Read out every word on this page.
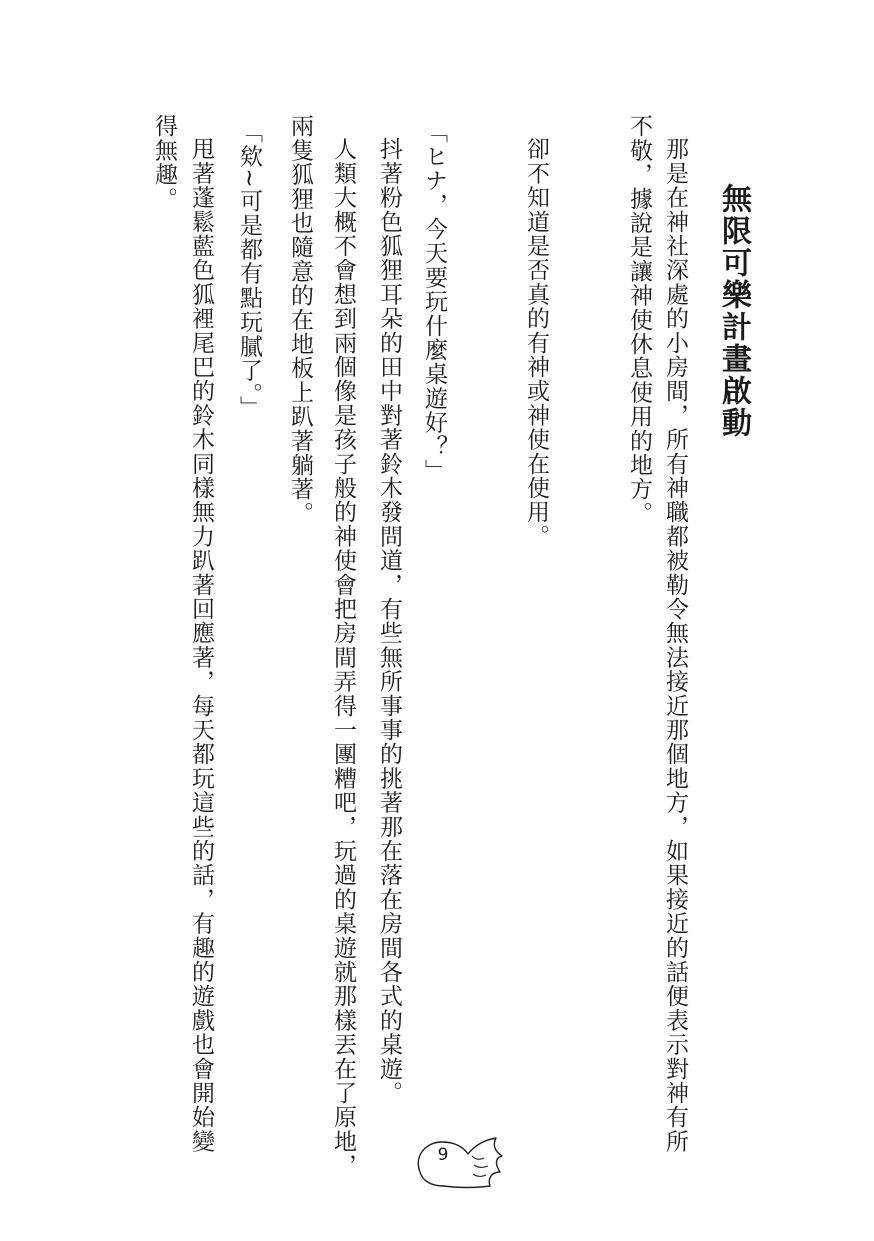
無限可樂計畫啟動
那是在神社深處的小房間，所有神職都被勒令無法接近那個地方，如果接近的話便表示對神有所
不敬，據說是讓神使休息使用的地方。
卻不知道是否真的有神或神使在使用。
「ヒナ，今天要玩什麼桌遊好？」
抖著粉色狐狸耳朵的田中對著鈴木發問道，有些無所事事的挑著那在落在房間各式的桌遊。
人類大概不會想到兩個像是孩子般的神使會把房間弄得一團糟吧，玩過的桌遊就那樣丟在了原地，
兩隻狐狸也隨意的在地板上趴著躺著。
「欸~可是都有點玩膩了。」
甩著蓬鬆藍色狐裡尾巴的鈴木同樣無力趴著回應著，每天都玩這些的話，有趣的遊戲也會開始變
得無趣。
9
